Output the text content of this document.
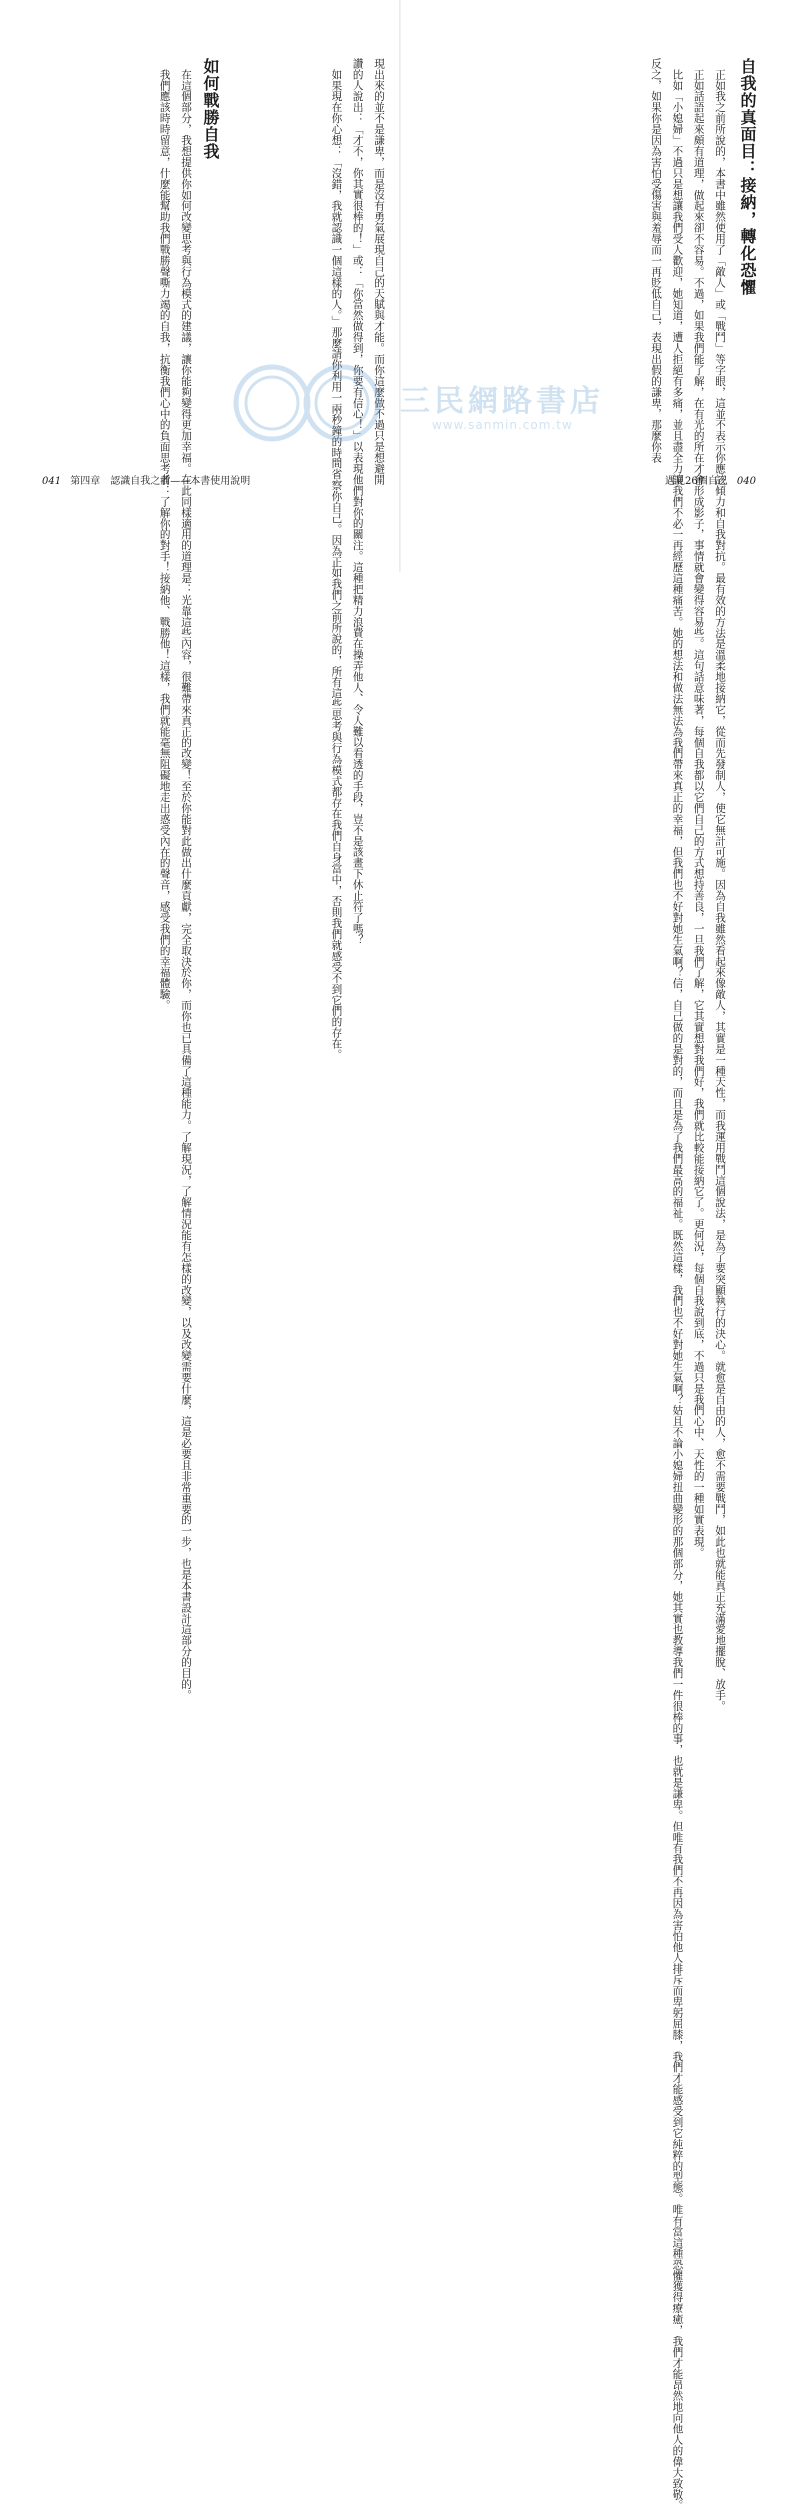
自我的真面目：接納，轉化恐懼

正如我之前所說的，本書中雖然使用了「敵人」或「戰鬥」等字眼，這並不表示你應該傾力和自我對抗。最有效的方法是溫柔地接納它，從而先發制人，使它無計可施。因為自我雖然看起來像敵人，其實是一種天性，而我運用戰鬥這個說法，是為了要突顯執行的決心。就愈是自由的人，愈不需要戰鬥，如此也就能真正充滿愛地擺脫、放手。

正如話語起來頗有道理，做起來卻不容易。不過，如果我們能了解，在有光的所在才會形成影子，事情就會變得容易些。這句話意味著，每個自我都以它們自己的方式想持善良，一旦我們了解，它其實想對我們好，我們就比較能接納它了。更何況，每個自我說到底，不過只是我們心中、天性的一種如實表現。

比如「小媳婦」不過只是想讓我們受人歡迎，她知道，遭人拒絕有多痛，並且盡全力讓我們不必一再經歷這種痛苦。她的想法和做法無法為我們帶來真正的幸福，但我們也不好對她生氣啊？信，自己做的是對的，而且是為了我們最高的福祉。既然這樣，我們也不好對她生氣啊？姑且不論小媳婦扭曲變形的那個部分，她其實也教導我們一件很棒的事，也就是謙卑。但唯有我們不再因為害怕他人排斥而卑躬屈膝，我們才能感受到它純粹的型態。唯有當這種恐懼獲得療癒，我們才能昂然地向他人的偉大致敬。

反之，如果你是因為害怕受傷害與羞辱而一再貶低自己，表現出假的謙卑，那麼你表

現出來的並不是謙卑，而是沒有勇氣展現自己的天賦與才能。而你這麼做不過只是想避開

讚的人說出：「才不，你其實很棒的！」或：「你當然做得到，你要有信心！」以表現他們對你的關注。這種把精力浪費在操弄他人、令人難以看透的手段，豈不是該畫下休止符了嗎？

如果現在你心想：「沒錯，我就認識一個這樣的人。」那麼請你利用一兩秒鐘的時間省察你自己。因為正如我們之前所說的，所有這些思考與行為模式都存在我們自身當中，否則我們就感受不到它們的存在。

如何戰勝自我

在這個部分，我想提供你如何改變思考與行為模式的建議，讓你能夠變得更加幸福。在此同樣適用的道理是：光靠這些內容，很難帶來真正的改變！至於你能對此做出什麼貢獻，完全取決於你，而你也已具備了這種能力。了解現況，了解情況能有怎樣的改變，以及改變需要什麼，這是必要且非常重要的一步，也是本書設計這部分的目的。

我們應該時時留意，什麼能幫助我們戰勝聲嘶力竭的自我，抗衡我們心中的負面思考者：了解你的對手！接納他、戰勝他！這樣，我們就能毫無阻礙地走出惑受內在的聲音，感受我們的幸福體驗。

041 第四章　認識自我之前——本書使用說明	遇見26個自己 040
三民網路書店
www.sanmin.com.tw
